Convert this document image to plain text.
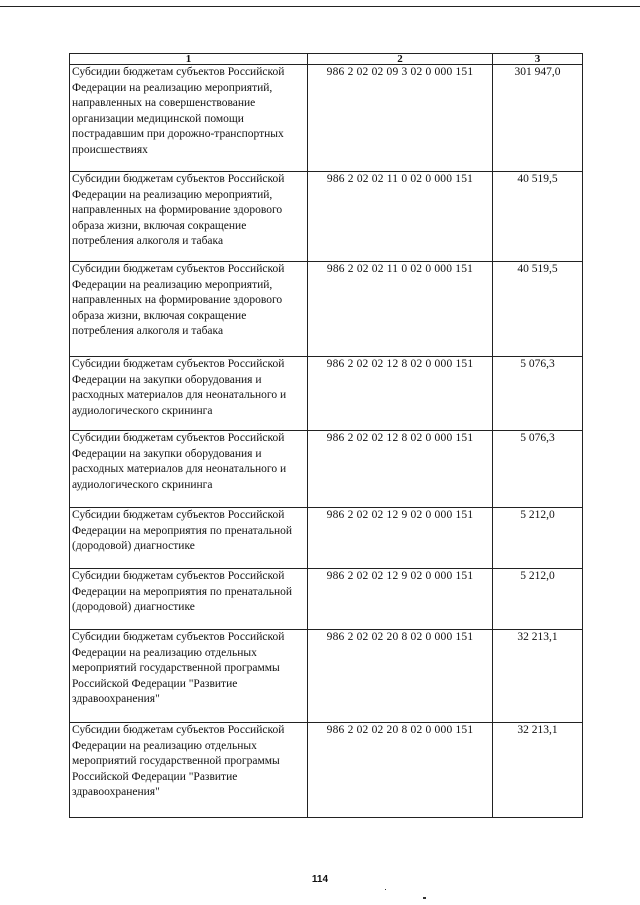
1	2	3
Субсидии бюджетам субъектов Российской Федерации на реализацию мероприятий, направленных на совершенствование организации медицинской помощи пострадавшим при дорожно-транспортных происшествиях	986 2 02 02 09 3 02 0 000 151	301 947,0
Субсидии бюджетам субъектов Российской Федерации на реализацию мероприятий, направленных на формирование здорового образа жизни, включая сокращение потребления алкоголя и табака	986 2 02 02 11 0 02 0 000 151	40 519,5
Субсидии бюджетам субъектов Российской Федерации на реализацию мероприятий, направленных на формирование здорового образа жизни, включая сокращение потребления алкоголя и табака	986 2 02 02 11 0 02 0 000 151	40 519,5
Субсидии бюджетам субъектов Российской Федерации на закупки оборудования и расходных материалов для неонатального и аудиологического скрининга	986 2 02 02 12 8 02 0 000 151	5 076,3
Субсидии бюджетам субъектов Российской Федерации на закупки оборудования и расходных материалов для неонатального и аудиологического скрининга	986 2 02 02 12 8 02 0 000 151	5 076,3
Субсидии бюджетам субъектов Российской Федерации на мероприятия по пренатальной (дородовой) диагностике	986 2 02 02 12 9 02 0 000 151	5 212,0
Субсидии бюджетам субъектов Российской Федерации на мероприятия по пренатальной (дородовой) диагностике	986 2 02 02 12 9 02 0 000 151	5 212,0
Субсидии бюджетам субъектов Российской Федерации на реализацию отдельных мероприятий государственной программы Российской Федерации "Развитие здравоохранения"	986 2 02 02 20 8 02 0 000 151	32 213,1
Субсидии бюджетам субъектов Российской Федерации на реализацию отдельных мероприятий государственной программы Российской Федерации "Развитие здравоохранения"	986 2 02 02 20 8 02 0 000 151	32 213,1
114
